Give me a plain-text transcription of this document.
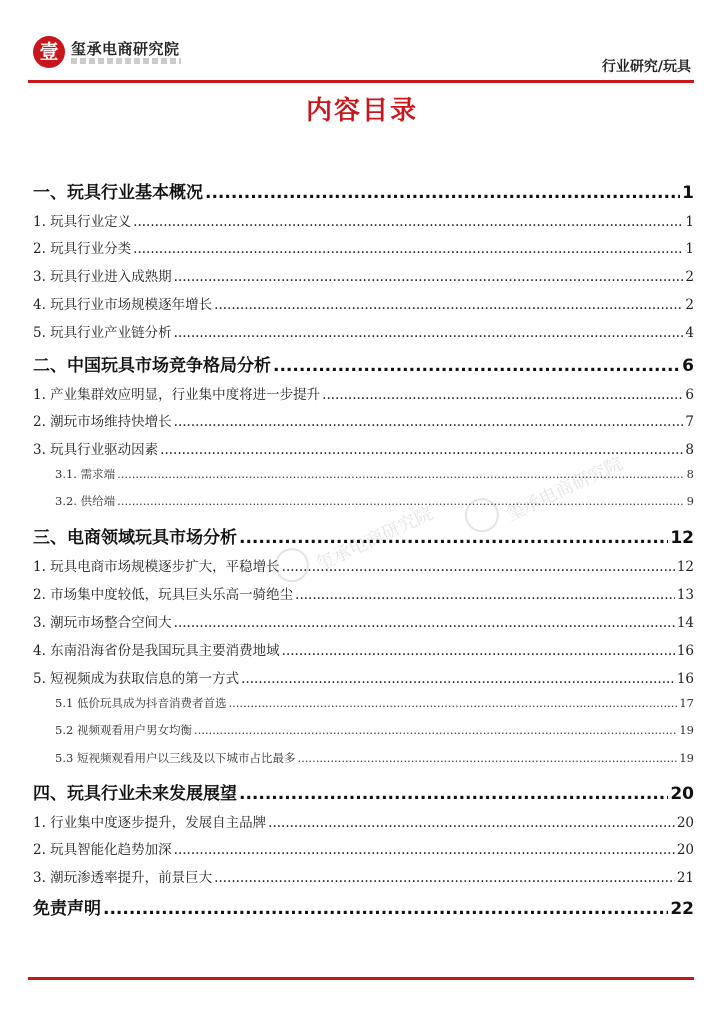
壹 玺承电商研究院
行业研究/玩具
内容目录
玺承电商研究院
玺承电商研究院
一、玩具行业基本概况 .....	1
1. 玩具行业定义 .....	1
2. 玩具行业分类 .....	1
3. 玩具行业进入成熟期 .....	2
4. 玩具行业市场规模逐年增长 .....	2
5. 玩具行业产业链分析 .....	4
二、中国玩具市场竞争格局分析 .....	6
1. 产业集群效应明显，行业集中度将进一步提升 .....	6
2. 潮玩市场维持快增长 .....	7
3. 玩具行业驱动因素 .....	8
3.1. 需求端 .....	8
3.2. 供给端 .....	9
三、电商领域玩具市场分析 .....	12
1. 玩具电商市场规模逐步扩大，平稳增长 .....	12
2. 市场集中度较低，玩具巨头乐高一骑绝尘 .....	13
3. 潮玩市场整合空间大 .....	14
4. 东南沿海省份是我国玩具主要消费地域 .....	16
5. 短视频成为获取信息的第一方式 .....	16
5.1 低价玩具成为抖音消费者首选 .....	17
5.2 视频观看用户男女均衡 .....	19
5.3 短视频观看用户以三线及以下城市占比最多 .....	19
四、玩具行业未来发展展望 .....	20
1. 行业集中度逐步提升，发展自主品牌 .....	20
2. 玩具智能化趋势加深 .....	20
3. 潮玩渗透率提升，前景巨大 .....	21
免责声明 .....	22
